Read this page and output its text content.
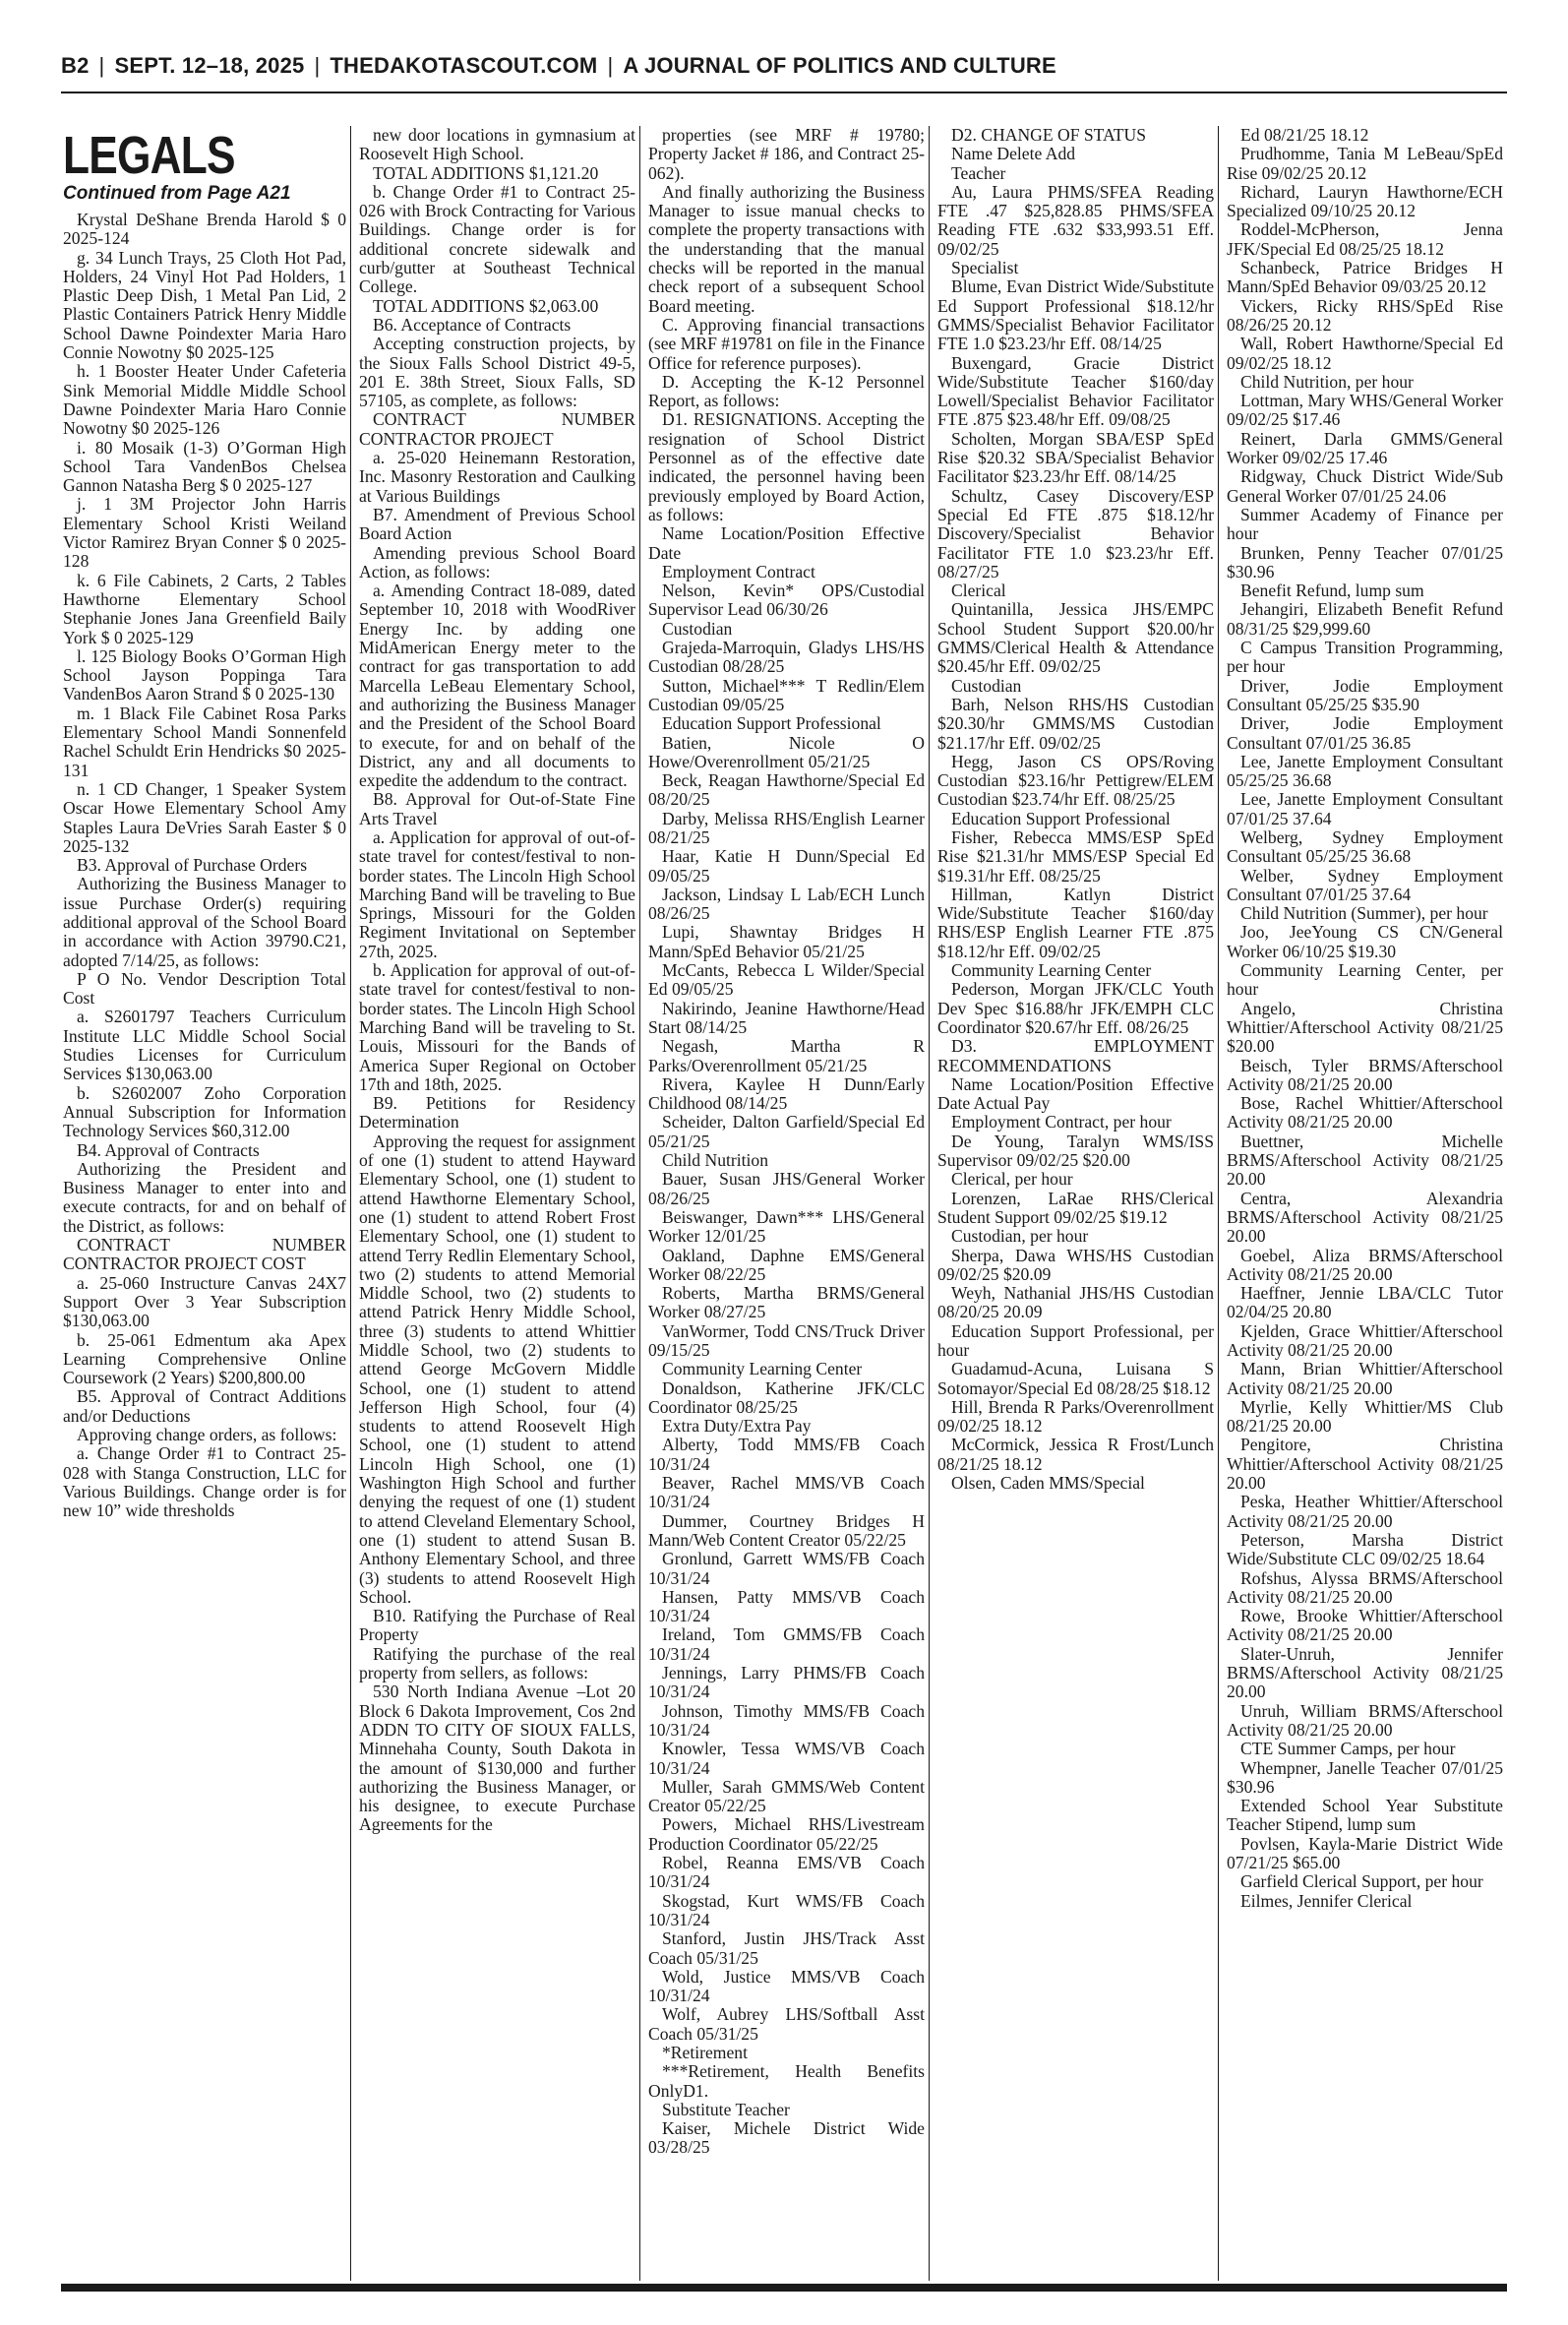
B2 | SEPT. 12–18, 2025 | THEDAKOTASCOUT.COM | A JOURNAL OF POLITICS AND CULTURE
LEGALS
Continued from Page A21

Krystal DeShane Brenda Harold $ 0 2025-124

g. 34 Lunch Trays, 25 Cloth Hot Pad, Holders, 24 Vinyl Hot Pad Holders, 1 Plastic Deep Dish, 1 Metal Pan Lid, 2 Plastic Containers Patrick Henry Middle School Dawne Poindexter Maria Haro Connie Nowotny $0 2025-125

h. 1 Booster Heater Under Cafeteria Sink Memorial Middle Middle School Dawne Poindexter Maria Haro Connie Nowotny $0 2025-126

i. 80 Mosaik (1-3) O’Gorman High School Tara VandenBos Chelsea Gannon Natasha Berg $ 0 2025-127

j. 1 3M Projector John Harris Elementary School Kristi Weiland Victor Ramirez Bryan Conner $ 0 2025-128

k. 6 File Cabinets, 2 Carts, 2 Tables Hawthorne Elementary School Stephanie Jones Jana Greenfield Baily York $ 0 2025-129

l. 125 Biology Books O’Gorman High School Jayson Poppinga Tara VandenBos Aaron Strand $ 0 2025-130

m. 1 Black File Cabinet Rosa Parks Elementary School Mandi Sonnenfeld Rachel Schuldt Erin Hendricks $0 2025-131

n. 1 CD Changer, 1 Speaker System Oscar Howe Elementary School Amy Staples Laura DeVries Sarah Easter $ 0 2025-132

B3. Approval of Purchase Orders

Authorizing the Business Manager to issue Purchase Order(s) requiring additional approval of the School Board in accordance with Action 39790.C21, adopted 7/14/25, as follows:

P O No. Vendor Description Total Cost

a. S2601797 Teachers Curriculum Institute LLC Middle School Social Studies Licenses for Curriculum Services $130,063.00

b. S2602007 Zoho Corporation Annual Subscription for Information Technology Services $60,312.00

B4. Approval of Contracts

Authorizing the President and Business Manager to enter into and execute contracts, for and on behalf of the District, as follows:

CONTRACT NUMBER CONTRACTOR PROJECT COST

a. 25-060 Instructure Canvas 24X7 Support Over 3 Year Subscription $130,063.00

b. 25-061 Edmentum aka Apex Learning Comprehensive Online Coursework (2 Years) $200,800.00

B5. Approval of Contract Additions and/or Deductions

Approving change orders, as follows:

a. Change Order #1 to Contract 25-028 with Stanga Construction, LLC for Various Buildings. Change order is for new 10” wide thresholds

new door locations in gymnasium at Roosevelt High School.

TOTAL ADDITIONS $1,121.20

b. Change Order #1 to Contract 25-026 with Brock Contracting for Various Buildings. Change order is for additional concrete sidewalk and curb/gutter at Southeast Technical College.

TOTAL ADDITIONS $2,063.00

B6. Acceptance of Contracts

Accepting construction projects, by the Sioux Falls School District 49-5, 201 E. 38th Street, Sioux Falls, SD 57105, as complete, as follows:

CONTRACT NUMBER CONTRACTOR PROJECT

a. 25-020 Heinemann Restoration, Inc. Masonry Restoration and Caulking at Various Buildings

B7. Amendment of Previous School Board Action

Amending previous School Board Action, as follows:

a. Amending Contract 18-089, dated September 10, 2018 with WoodRiver Energy Inc. by adding one MidAmerican Energy meter to the contract for gas transportation to add Marcella LeBeau Elementary School, and authorizing the Business Manager and the President of the School Board to execute, for and on behalf of the District, any and all documents to expedite the addendum to the contract.

B8. Approval for Out-of-State Fine Arts Travel

a. Application for approval of out-of-state travel for contest/festival to non-border states. The Lincoln High School Marching Band will be traveling to Bue Springs, Missouri for the Golden Regiment Invitational on September 27th, 2025.

b. Application for approval of out-of-state travel for contest/festival to non-border states. The Lincoln High School Marching Band will be traveling to St. Louis, Missouri for the Bands of America Super Regional on October 17th and 18th, 2025.

B9. Petitions for Residency Determination

Approving the request for assignment of one (1) student to attend Hayward Elementary School, one (1) student to attend Hawthorne Elementary School, one (1) student to attend Robert Frost Elementary School, one (1) student to attend Terry Redlin Elementary School, two (2) students to attend Memorial Middle School, two (2) students to attend Patrick Henry Middle School, three (3) students to attend Whittier Middle School, two (2) students to attend George McGovern Middle School, one (1) student to attend Jefferson High School, four (4) students to attend Roosevelt High School, one (1) student to attend Lincoln High School, one (1) Washington High School and further denying the request of one (1) student to attend Cleveland Elementary School, one (1) student to attend Susan B. Anthony Elementary School, and three (3) students to attend Roosevelt High School.

B10. Ratifying the Purchase of Real Property

Ratifying the purchase of the real property from sellers, as follows:

530 North Indiana Avenue –Lot 20 Block 6 Dakota Improvement, Cos 2nd ADDN TO CITY OF SIOUX FALLS, Minnehaha County, South Dakota in the amount of $130,000 and further authorizing the Business Manager, or his designee, to execute Purchase Agreements for the

properties (see MRF # 19780; Property Jacket # 186, and Contract 25-062).

And finally authorizing the Business Manager to issue manual checks to complete the property transactions with the understanding that the manual checks will be reported in the manual check report of a subsequent School Board meeting.

C. Approving financial transactions (see MRF #19781 on file in the Finance Office for reference purposes).

D. Accepting the K-12 Personnel Report, as follows:

D1. RESIGNATIONS. Accepting the resignation of School District Personnel as of the effective date indicated, the personnel having been previously employed by Board Action, as follows:

Name Location/Position Effective Date

Employment Contract

Nelson, Kevin* OPS/Custodial Supervisor Lead 06/30/26

Custodian

Grajeda-Marroquin, Gladys LHS/HS Custodian 08/28/25

Sutton, Michael*** T Redlin/Elem Custodian 09/05/25

Education Support Professional

Batien, Nicole O Howe/Overenrollment 05/21/25

Beck, Reagan Hawthorne/Special Ed 08/20/25

Darby, Melissa RHS/English Learner 08/21/25

Haar, Katie H Dunn/Special Ed 09/05/25

Jackson, Lindsay L Lab/ECH Lunch 08/26/25

Lupi, Shawntay Bridges H Mann/SpEd Behavior 05/21/25

McCants, Rebecca L Wilder/Special Ed 09/05/25

Nakirindo, Jeanine Hawthorne/Head Start 08/14/25

Negash, Martha R Parks/Overenrollment 05/21/25

Rivera, Kaylee H Dunn/Early Childhood 08/14/25

Scheider, Dalton Garfield/Special Ed 05/21/25

Child Nutrition

Bauer, Susan JHS/General Worker 08/26/25

Beiswanger, Dawn*** LHS/General Worker 12/01/25

Oakland, Daphne EMS/General Worker 08/22/25

Roberts, Martha BRMS/General Worker 08/27/25

VanWormer, Todd CNS/Truck Driver 09/15/25

Community Learning Center

Donaldson, Katherine JFK/CLC Coordinator 08/25/25

Extra Duty/Extra Pay

Alberty, Todd MMS/FB Coach 10/31/24

Beaver, Rachel MMS/VB Coach 10/31/24

Dummer, Courtney Bridges H Mann/Web Content Creator 05/22/25

Gronlund, Garrett WMS/FB Coach 10/31/24

Hansen, Patty MMS/VB Coach 10/31/24

Ireland, Tom GMMS/FB Coach 10/31/24

Jennings, Larry PHMS/FB Coach 10/31/24

Johnson, Timothy MMS/FB Coach 10/31/24

Knowler, Tessa WMS/VB Coach 10/31/24

Muller, Sarah GMMS/Web Content Creator 05/22/25

Powers, Michael RHS/Livestream Production Coordinator 05/22/25

Robel, Reanna EMS/VB Coach 10/31/24

Skogstad, Kurt WMS/FB Coach 10/31/24

Stanford, Justin JHS/Track Asst Coach 05/31/25

Wold, Justice MMS/VB Coach 10/31/24

Wolf, Aubrey LHS/Softball Asst Coach 05/31/25

*Retirement

***Retirement, Health Benefits OnlyD1.

Substitute Teacher

Kaiser, Michele District Wide 03/28/25

D2. CHANGE OF STATUS

Name Delete Add

Teacher

Au, Laura PHMS/SFEA Reading FTE .47 $25,828.85 PHMS/SFEA Reading FTE .632 $33,993.51 Eff. 09/02/25

Specialist

Blume, Evan District Wide/Substitute Ed Support Professional $18.12/hr GMMS/Specialist Behavior Facilitator FTE 1.0 $23.23/hr Eff. 08/14/25

Buxengard, Gracie District Wide/Substitute Teacher $160/day Lowell/Specialist Behavior Facilitator FTE .875 $23.48/hr Eff. 09/08/25

Scholten, Morgan SBA/ESP SpEd Rise $20.32 SBA/Specialist Behavior Facilitator $23.23/hr Eff. 08/14/25

Schultz, Casey Discovery/ESP Special Ed FTE .875 $18.12/hr Discovery/Specialist Behavior Facilitator FTE 1.0 $23.23/hr Eff. 08/27/25

Clerical

Quintanilla, Jessica JHS/EMPC School Student Support $20.00/hr GMMS/Clerical Health & Attendance $20.45/hr Eff. 09/02/25

Custodian

Barh, Nelson RHS/HS Custodian $20.30/hr GMMS/MS Custodian $21.17/hr Eff. 09/02/25

Hegg, Jason CS OPS/Roving Custodian $23.16/hr Pettigrew/ELEM Custodian $23.74/hr Eff. 08/25/25

Education Support Professional

Fisher, Rebecca MMS/ESP SpEd Rise $21.31/hr MMS/ESP Special Ed $19.31/hr Eff. 08/25/25

Hillman, Katlyn District Wide/Substitute Teacher $160/day RHS/ESP English Learner FTE .875 $18.12/hr Eff. 09/02/25

Community Learning Center

Pederson, Morgan JFK/CLC Youth Dev Spec $16.88/hr JFK/EMPH CLC Coordinator $20.67/hr Eff. 08/26/25

D3. EMPLOYMENT RECOMMENDATIONS

Name Location/Position Effective Date Actual Pay

Employment Contract, per hour

De Young, Taralyn WMS/ISS Supervisor 09/02/25 $20.00

Clerical, per hour

Lorenzen, LaRae RHS/Clerical Student Support 09/02/25 $19.12

Custodian, per hour

Sherpa, Dawa WHS/HS Custodian 09/02/25 $20.09

Weyh, Nathanial JHS/HS Custodian 08/20/25 20.09

Education Support Professional, per hour

Guadamud-Acuna, Luisana S Sotomayor/Special Ed 08/28/25 $18.12

Hill, Brenda R Parks/Overenrollment 09/02/25 18.12

McCormick, Jessica R Frost/Lunch 08/21/25 18.12

Olsen, Caden MMS/Special

Ed 08/21/25 18.12

Prudhomme, Tania M LeBeau/SpEd Rise 09/02/25 20.12

Richard, Lauryn Hawthorne/ECH Specialized 09/10/25 20.12

Roddel-McPherson, Jenna JFK/Special Ed 08/25/25 18.12

Schanbeck, Patrice Bridges H Mann/SpEd Behavior 09/03/25 20.12

Vickers, Ricky RHS/SpEd Rise 08/26/25 20.12

Wall, Robert Hawthorne/Special Ed 09/02/25 18.12

Child Nutrition, per hour

Lottman, Mary WHS/General Worker 09/02/25 $17.46

Reinert, Darla GMMS/General Worker 09/02/25 17.46

Ridgway, Chuck District Wide/Sub General Worker 07/01/25 24.06

Summer Academy of Finance per hour

Brunken, Penny Teacher 07/01/25 $30.96

Benefit Refund, lump sum

Jehangiri, Elizabeth Benefit Refund 08/31/25 $29,999.60

C Campus Transition Programming, per hour

Driver, Jodie Employment Consultant 05/25/25 $35.90

Driver, Jodie Employment Consultant 07/01/25 36.85

Lee, Janette Employment Consultant 05/25/25 36.68

Lee, Janette Employment Consultant 07/01/25 37.64

Welberg, Sydney Employment Consultant 05/25/25 36.68

Welber, Sydney Employment Consultant 07/01/25 37.64

Child Nutrition (Summer), per hour

Joo, JeeYoung CS CN/General Worker 06/10/25 $19.30

Community Learning Center, per hour

Angelo, Christina Whittier/Afterschool Activity 08/21/25 $20.00

Beisch, Tyler BRMS/Afterschool Activity 08/21/25 20.00

Bose, Rachel Whittier/Afterschool Activity 08/21/25 20.00

Buettner, Michelle BRMS/Afterschool Activity 08/21/25 20.00

Centra, Alexandria BRMS/Afterschool Activity 08/21/25 20.00

Goebel, Aliza BRMS/Afterschool Activity 08/21/25 20.00

Haeffner, Jennie LBA/CLC Tutor 02/04/25 20.80

Kjelden, Grace Whittier/Afterschool Activity 08/21/25 20.00

Mann, Brian Whittier/Afterschool Activity 08/21/25 20.00

Myrlie, Kelly Whittier/MS Club 08/21/25 20.00

Pengitore, Christina Whittier/Afterschool Activity 08/21/25 20.00

Peska, Heather Whittier/Afterschool Activity 08/21/25 20.00

Peterson, Marsha District Wide/Substitute CLC 09/02/25 18.64

Rofshus, Alyssa BRMS/Afterschool Activity 08/21/25 20.00

Rowe, Brooke Whittier/Afterschool Activity 08/21/25 20.00

Slater-Unruh, Jennifer BRMS/Afterschool Activity 08/21/25 20.00

Unruh, William BRMS/Afterschool Activity 08/21/25 20.00

CTE Summer Camps, per hour

Whempner, Janelle Teacher 07/01/25 $30.96

Extended School Year Substitute Teacher Stipend, lump sum

Povlsen, Kayla-Marie District Wide 07/21/25 $65.00

Garfield Clerical Support, per hour

Eilmes, Jennifer Clerical
